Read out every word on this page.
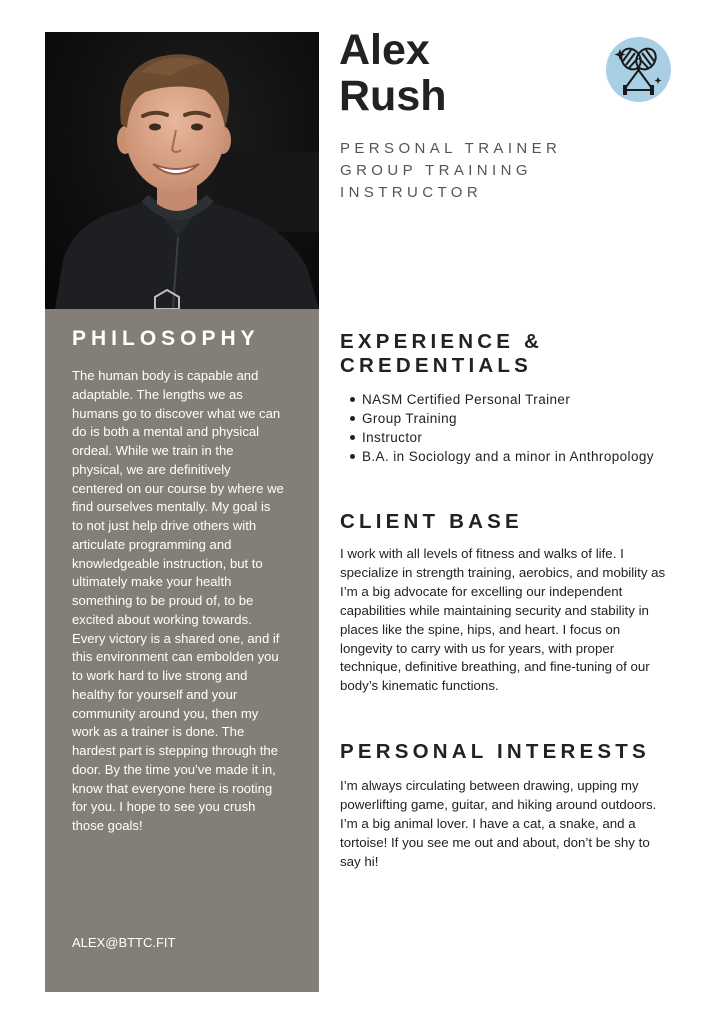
PHILOSOPHY

The human body is capable and adaptable. The lengths we as humans go to discover what we can do is both a mental and physical ordeal. While we train in the physical, we are definitively centered on our course by where we find ourselves mentally. My goal is to not just help drive others with articulate programming and knowledgeable instruction, but to ultimately make your health something to be proud of, to be excited about working towards. Every victory is a shared one, and if this environment can embolden you to work hard to live strong and healthy for yourself and your community around you, then my work as a trainer is done. The hardest part is stepping through the door. By the time you’ve made it in, know that everyone here is rooting for you. I hope to see you crush those goals!

ALEX@BTTC.FIT

Alex
Rush

PERSONAL TRAINER
GROUP TRAINING
INSTRUCTOR

EXPERIENCE &
CREDENTIALS
NASM Certified Personal Trainer
Group Training
Instructor
B.A. in Sociology and a minor in Anthropology
CLIENT BASE

I work with all levels of fitness and walks of life. I specialize in strength training, aerobics, and mobility as I’m a big advocate for excelling our independent capabilities while maintaining security and stability in places like the spine, hips, and heart. I focus on longevity to carry with us for years, with proper technique, definitive breathing, and fine-tuning of our body’s kinematic functions.

PERSONAL INTERESTS

I’m always circulating between drawing, upping my powerlifting game, guitar, and hiking around outdoors. I’m a big animal lover. I have a cat, a snake, and a tortoise! If you see me out and about, don’t be shy to say hi!
